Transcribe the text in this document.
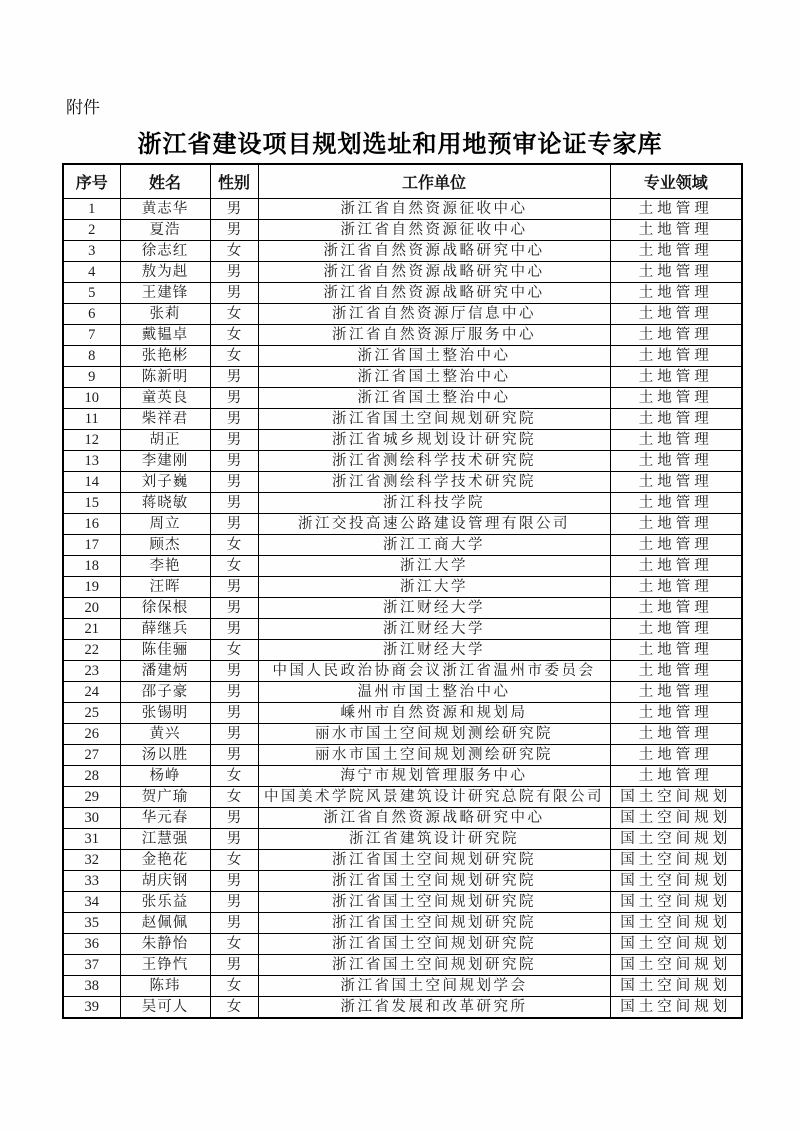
附件
浙江省建设项目规划选址和用地预审论证专家库
序号	姓名	性别	工作单位	专业领域
1	黄志华	男	浙江省自然资源征收中心	土地管理
2	夏浩	男	浙江省自然资源征收中心	土地管理
3	徐志红	女	浙江省自然资源战略研究中心	土地管理
4	敖为赳	男	浙江省自然资源战略研究中心	土地管理
5	王建锋	男	浙江省自然资源战略研究中心	土地管理
6	张莉	女	浙江省自然资源厅信息中心	土地管理
7	戴韫卓	女	浙江省自然资源厅服务中心	土地管理
8	张艳彬	女	浙江省国土整治中心	土地管理
9	陈新明	男	浙江省国土整治中心	土地管理
10	童英良	男	浙江省国土整治中心	土地管理
11	柴祥君	男	浙江省国土空间规划研究院	土地管理
12	胡正	男	浙江省城乡规划设计研究院	土地管理
13	李建刚	男	浙江省测绘科学技术研究院	土地管理
14	刘子巍	男	浙江省测绘科学技术研究院	土地管理
15	蒋晓敏	男	浙江科技学院	土地管理
16	周立	男	浙江交投高速公路建设管理有限公司	土地管理
17	顾杰	女	浙江工商大学	土地管理
18	李艳	女	浙江大学	土地管理
19	汪晖	男	浙江大学	土地管理
20	徐保根	男	浙江财经大学	土地管理
21	薛继兵	男	浙江财经大学	土地管理
22	陈佳骊	女	浙江财经大学	土地管理
23	潘建炳	男	中国人民政治协商会议浙江省温州市委员会	土地管理
24	邵子豪	男	温州市国土整治中心	土地管理
25	张锡明	男	嵊州市自然资源和规划局	土地管理
26	黄兴	男	丽水市国土空间规划测绘研究院	土地管理
27	汤以胜	男	丽水市国土空间规划测绘研究院	土地管理
28	杨峥	女	海宁市规划管理服务中心	土地管理
29	贺广瑜	女	中国美术学院风景建筑设计研究总院有限公司	国土空间规划
30	华元春	男	浙江省自然资源战略研究中心	国土空间规划
31	江慧强	男	浙江省建筑设计研究院	国土空间规划
32	金艳花	女	浙江省国土空间规划研究院	国土空间规划
33	胡庆钢	男	浙江省国土空间规划研究院	国土空间规划
34	张乐益	男	浙江省国土空间规划研究院	国土空间规划
35	赵佩佩	男	浙江省国土空间规划研究院	国土空间规划
36	朱静怡	女	浙江省国土空间规划研究院	国土空间规划
37	王铮忾	男	浙江省国土空间规划研究院	国土空间规划
38	陈玮	女	浙江省国土空间规划学会	国土空间规划
39	吴可人	女	浙江省发展和改革研究所	国土空间规划
